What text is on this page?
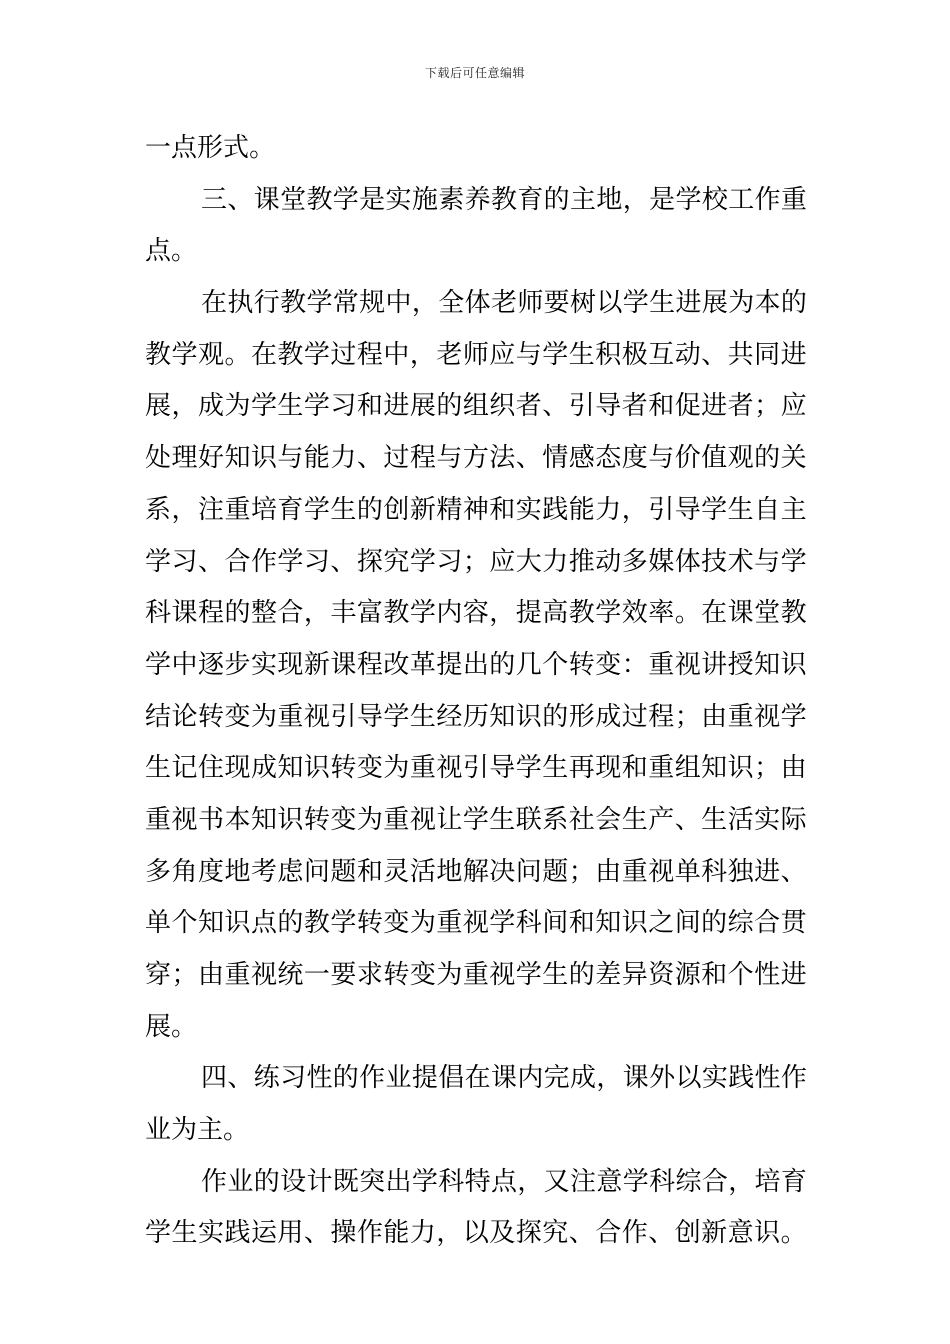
下载后可任意编辑
一 点 形 式 。
三 、 课 堂 教 学 是 实 施 素 养 教 育 的 主 地 ， 是 学 校 工 作 重
点 。
在 执 行 教 学 常 规 中 ， 全 体 老 师 要 树 以 学 生 进 展 为 本 的
教 学 观 。 在 教 学 过 程 中 ， 老 师 应 与 学 生 积 极 互 动 、 共 同 进
展 ， 成 为 学 生 学 习 和 进 展 的 组 织 者 、 引 导 者 和 促 进 者 ； 应
处 理 好 知 识 与 能 力 、 过 程 与 方 法 、 情 感 态 度 与 价 值 观 的 关
系 ， 注 重 培 育 学 生 的 创 新 精 神 和 实 践 能 力 ， 引 导 学 生 自 主
学 习 、 合 作 学 习 、 探 究 学 习 ； 应 大 力 推 动 多 媒 体 技 术 与 学
科 课 程 的 整 合 ， 丰 富 教 学 内 容 ， 提 高 教 学 效 率 。 在 课 堂 教
学 中 逐 步 实 现 新 课 程 改 革 提 出 的 几 个 转 变 ： 重 视 讲 授 知 识
结 论 转 变 为 重 视 引 导 学 生 经 历 知 识 的 形 成 过 程 ； 由 重 视 学
生 记 住 现 成 知 识 转 变 为 重 视 引 导 学 生 再 现 和 重 组 知 识 ； 由
重 视 书 本 知 识 转 变 为 重 视 让 学 生 联 系 社 会 生 产 、 生 活 实 际
多 角 度 地 考 虑 问 题 和 灵 活 地 解 决 问 题 ； 由 重 视 单 科 独 进 、
单 个 知 识 点 的 教 学 转 变 为 重 视 学 科 间 和 知 识 之 间 的 综 合 贯
穿 ； 由 重 视 统 一 要 求 转 变 为 重 视 学 生 的 差 异 资 源 和 个 性 进
展 。
四 、 练 习 性 的 作 业 提 倡 在 课 内 完 成 ， 课 外 以 实 践 性 作
业 为 主 。
作 业 的 设 计 既 突 出 学 科 特 点 ， 又 注 意 学 科 综 合 ， 培 育
学 生 实 践 运 用 、 操 作 能 力 ， 以 及 探 究 、 合 作 、 创 新 意 识 。
